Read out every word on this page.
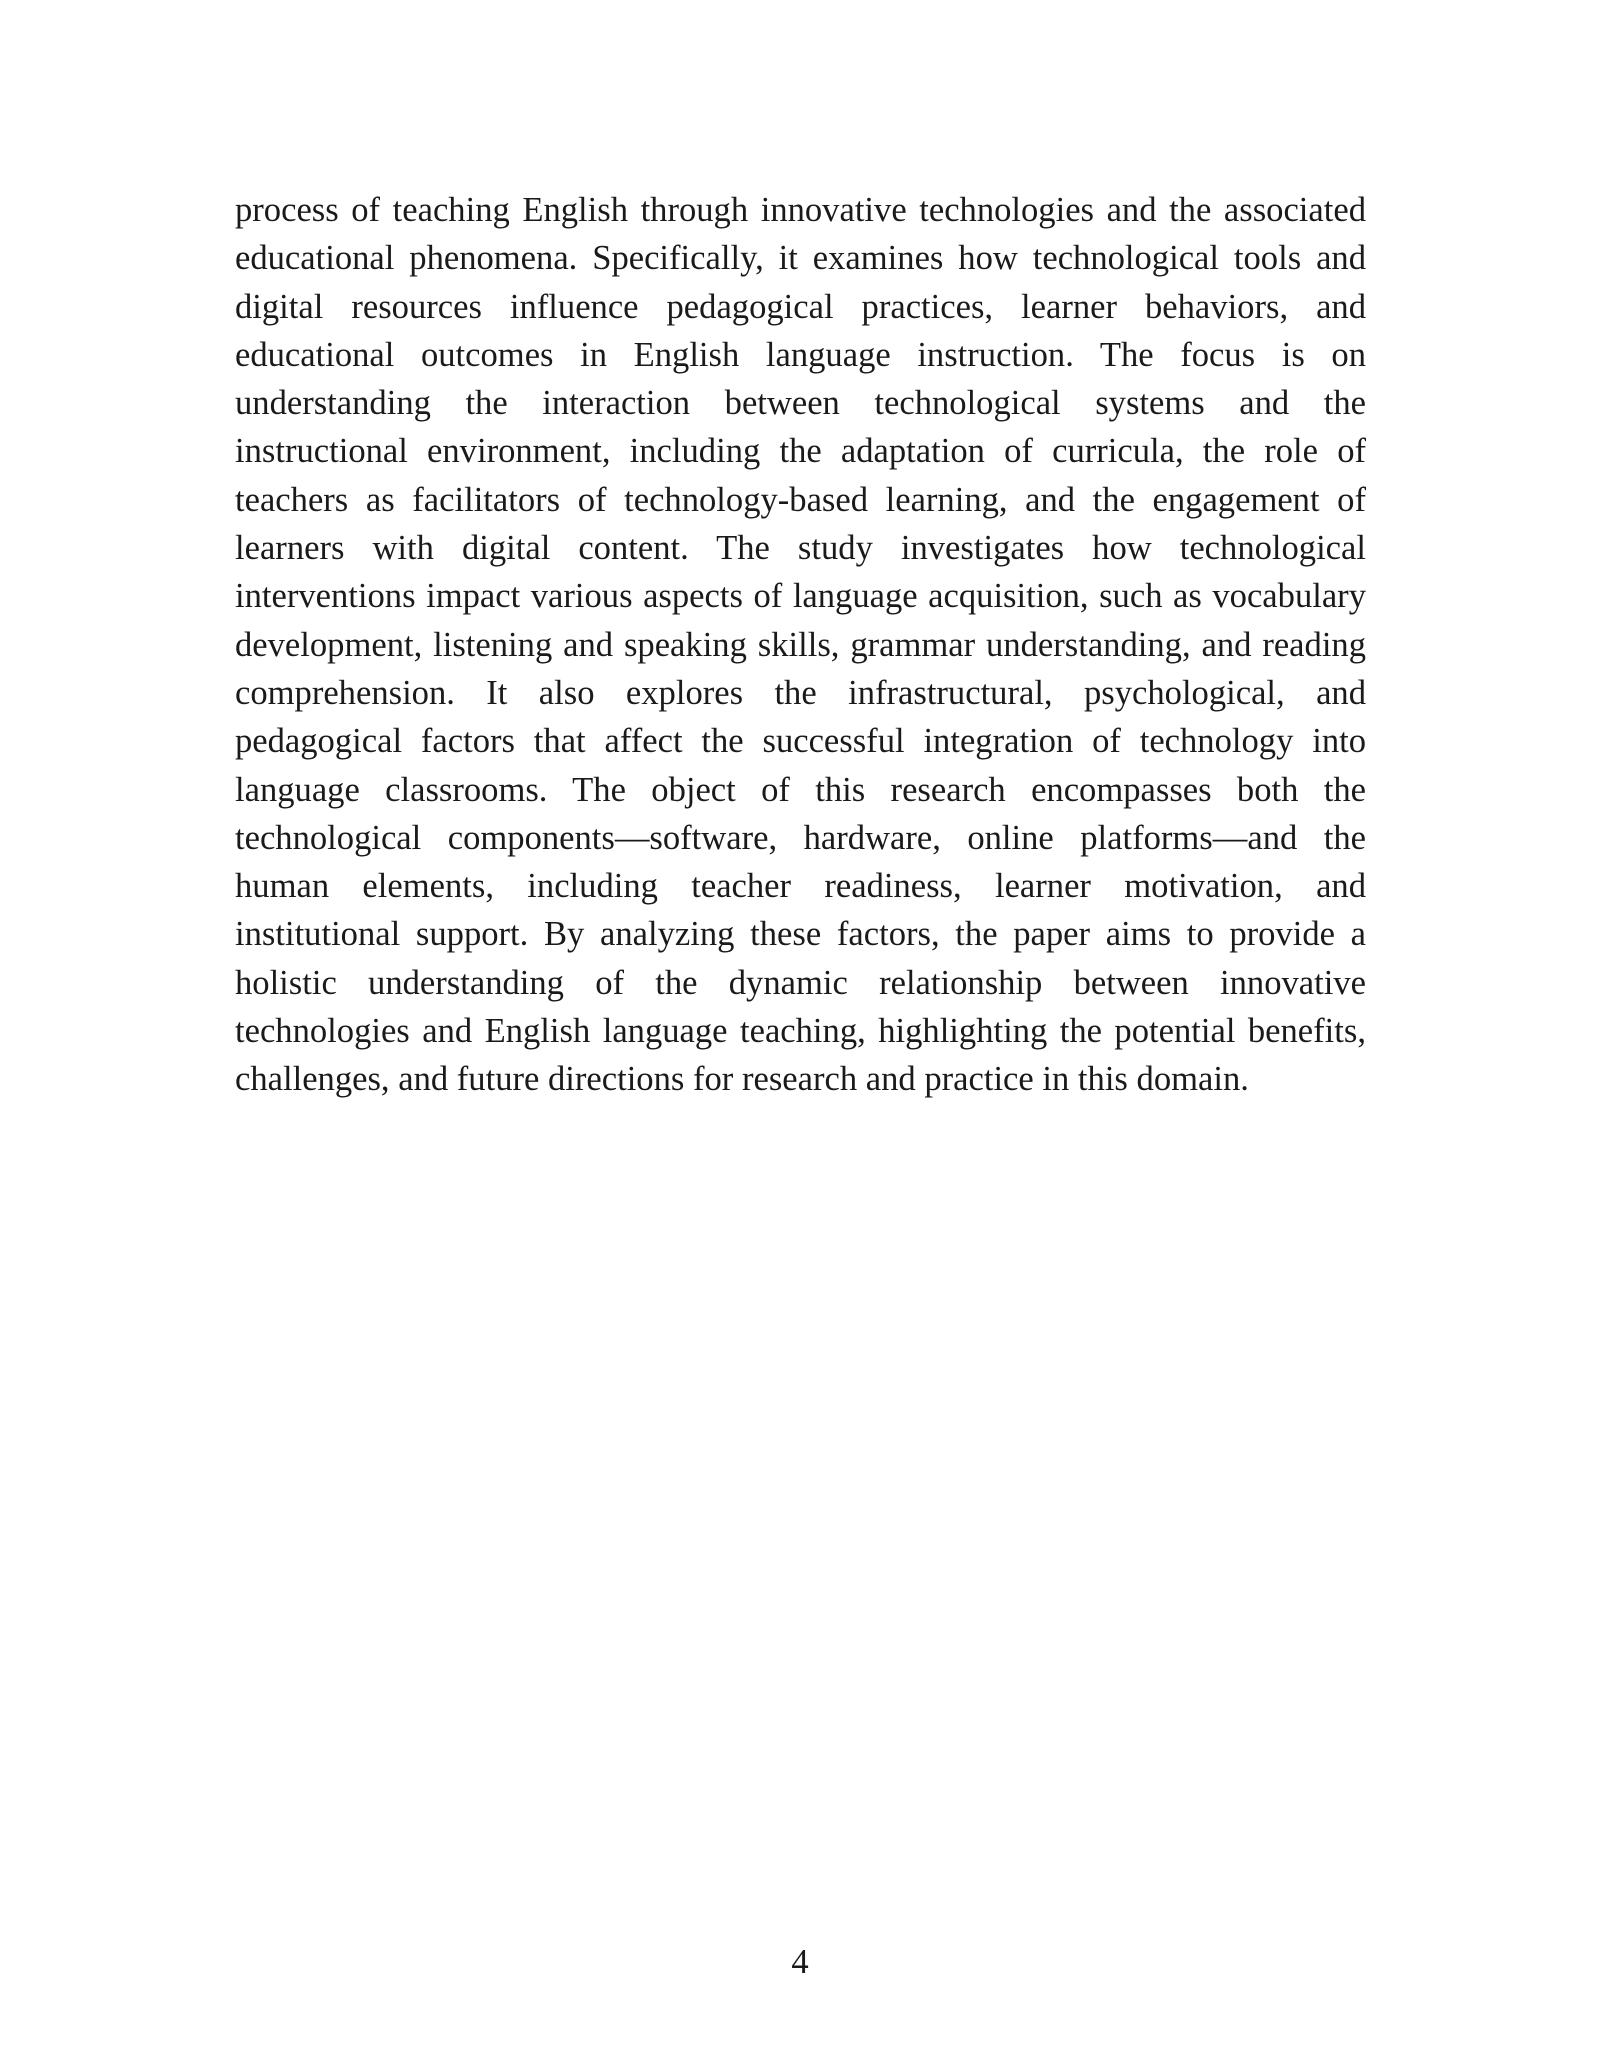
process of teaching English through innovative technologies and the associated educational phenomena. Specifically, it examines how technological tools and digital resources influence pedagogical practices, learner behaviors, and educational outcomes in English language instruction. The focus is on understanding the interaction between technological systems and the instructional environment, including the adaptation of curricula, the role of teachers as facilitators of technology-based learning, and the engagement of learners with digital content. The study investigates how technological interventions impact various aspects of language acquisition, such as vocabulary development, listening and speaking skills, grammar understanding, and reading comprehension. It also explores the infrastructural, psychological, and pedagogical factors that affect the successful integration of technology into language classrooms. The object of this research encompasses both the technological components—software, hardware, online platforms—and the human elements, including teacher readiness, learner motivation, and institutional support. By analyzing these factors, the paper aims to provide a holistic understanding of the dynamic relationship between innovative technologies and English language teaching, highlighting the potential benefits, challenges, and future directions for research and practice in this domain.

4
